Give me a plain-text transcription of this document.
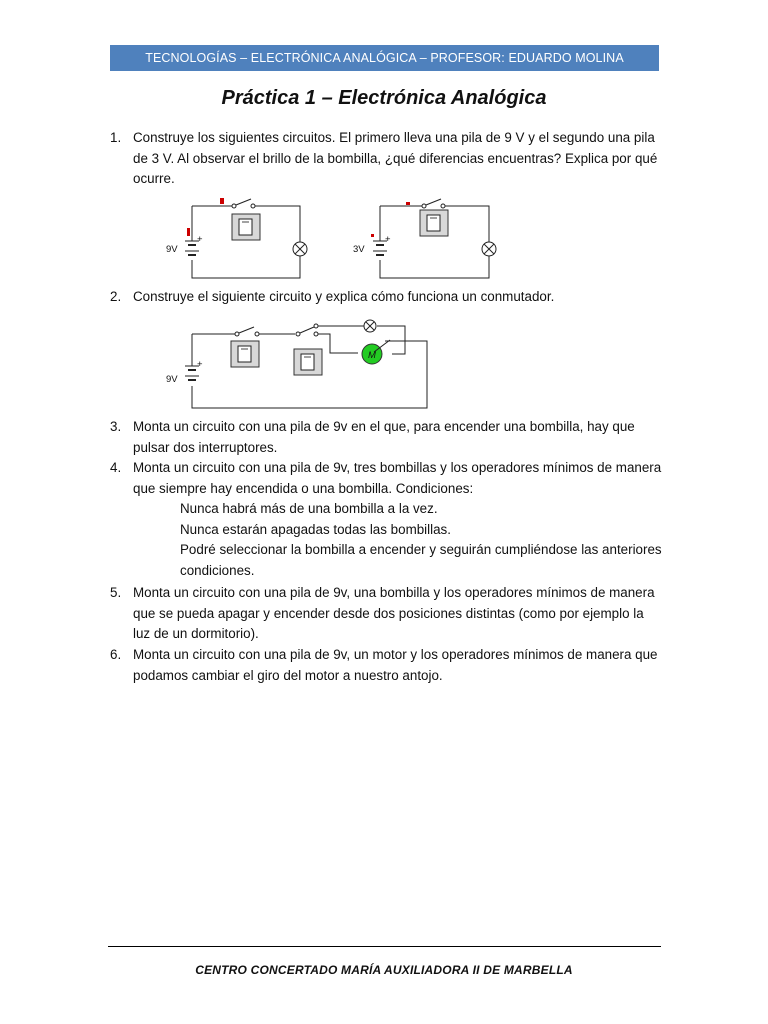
TECNOLOGÍAS – ELECTRÓNICA ANALÓGICA – PROFESOR: EDUARDO MOLINA
Práctica 1 – Electrónica Analógica
1. Construye los siguientes circuitos. El primero lleva una pila de 9 V y el segundo una pila de 3 V. Al observar el brillo de la bombilla, ¿qué diferencias encuentras? Explica por qué ocurre.
+
9V
+
3V
2. Construye el siguiente circuito y explica cómo funciona un conmutador.
+
9V
M
3. Monta un circuito con una pila de 9v en el que, para encender una bombilla, hay que pulsar dos interruptores.
4. Monta un circuito con una pila de 9v, tres bombillas y los operadores mínimos de manera que siempre hay encendida o una bombilla. Condiciones:
Nunca habrá más de una bombilla a la vez.
Nunca estarán apagadas todas las bombillas.
Podré seleccionar la bombilla a encender y seguirán cumpliéndose las anteriores condiciones.
5. Monta un circuito con una pila de 9v, una bombilla y los operadores mínimos de manera que se pueda apagar y encender desde dos posiciones distintas (como por ejemplo la luz de un dormitorio).
6. Monta un circuito con una pila de 9v, un motor y los operadores mínimos de manera que podamos cambiar el giro del motor a nuestro antojo.
CENTRO CONCERTADO MARÍA AUXILIADORA II DE MARBELLA
